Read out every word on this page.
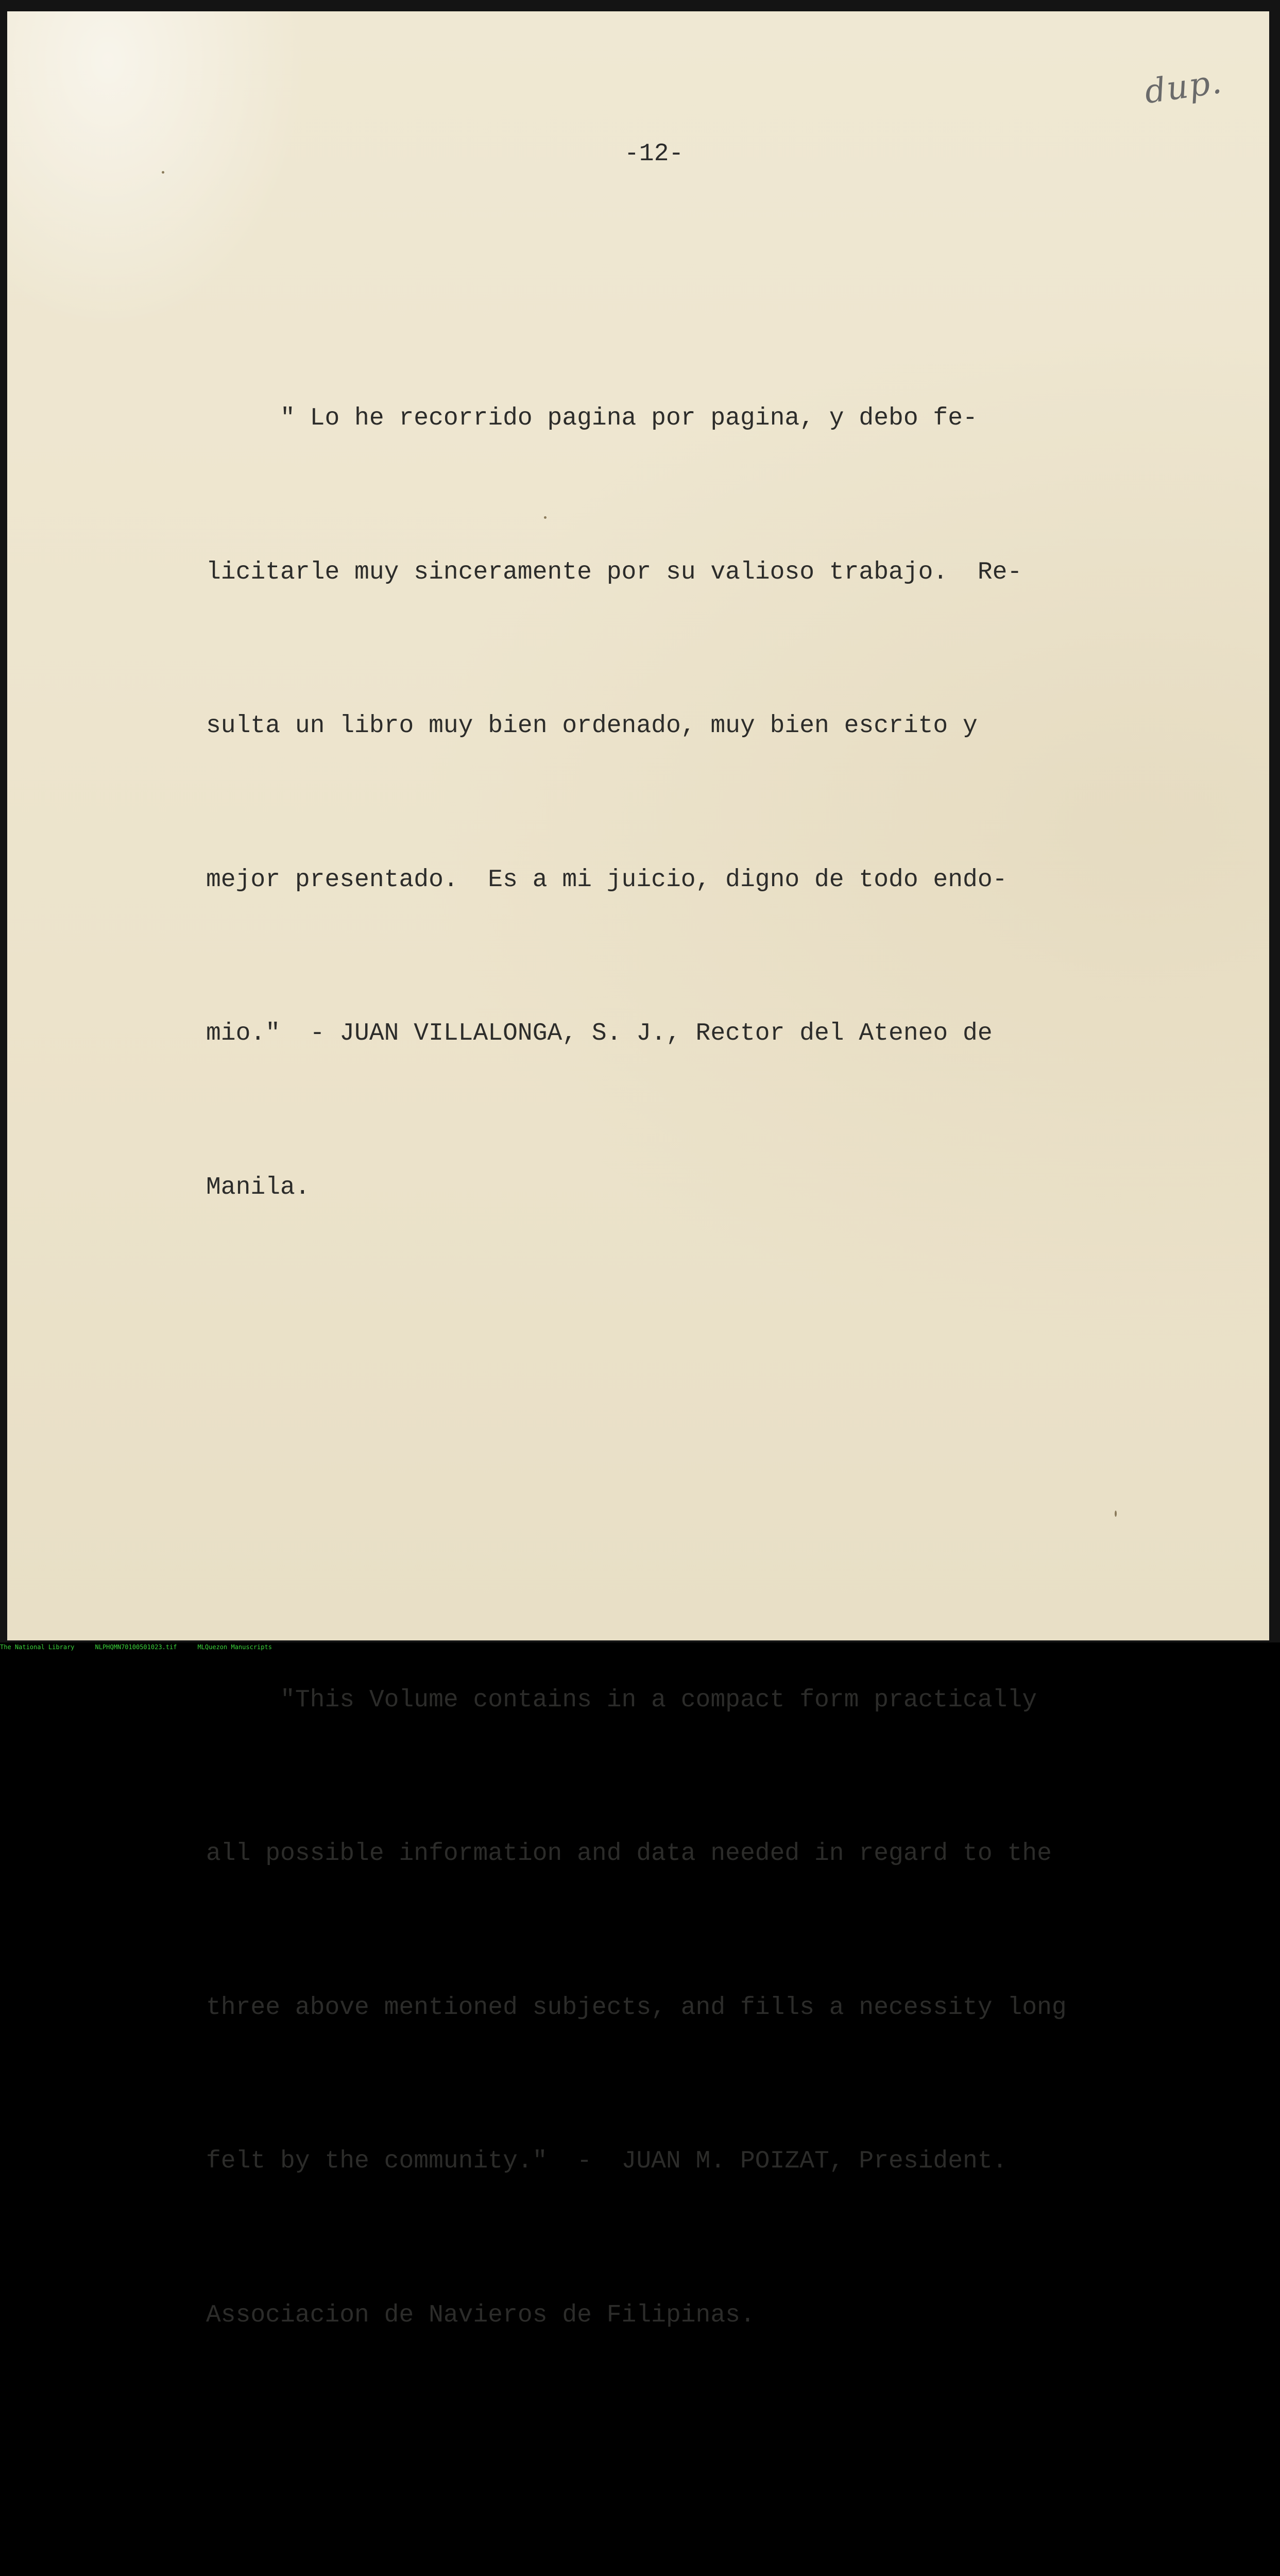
dup.
-12-

" Lo he recorrido pagina por pagina, y debo fe-

licitarle muy sinceramente por su valioso trabajo.  Re-

sulta un libro muy bien ordenado, muy bien escrito y

mejor presentado.  Es a mi juicio, digno de todo endo-

mio."  - JUAN VILLALONGA, S. J., Rector del Ateneo de

Manila.

"This Volume contains in a compact form practically

all possible information and data needed in regard to the

three above mentioned subjects, and fills a necessity long

felt by the community."  -  JUAN M. POIZAT, President.

Associacion de Navieros de Filipinas.

The National Library	NLPHQMN70100501023.tif	MLQuezon Manuscripts
